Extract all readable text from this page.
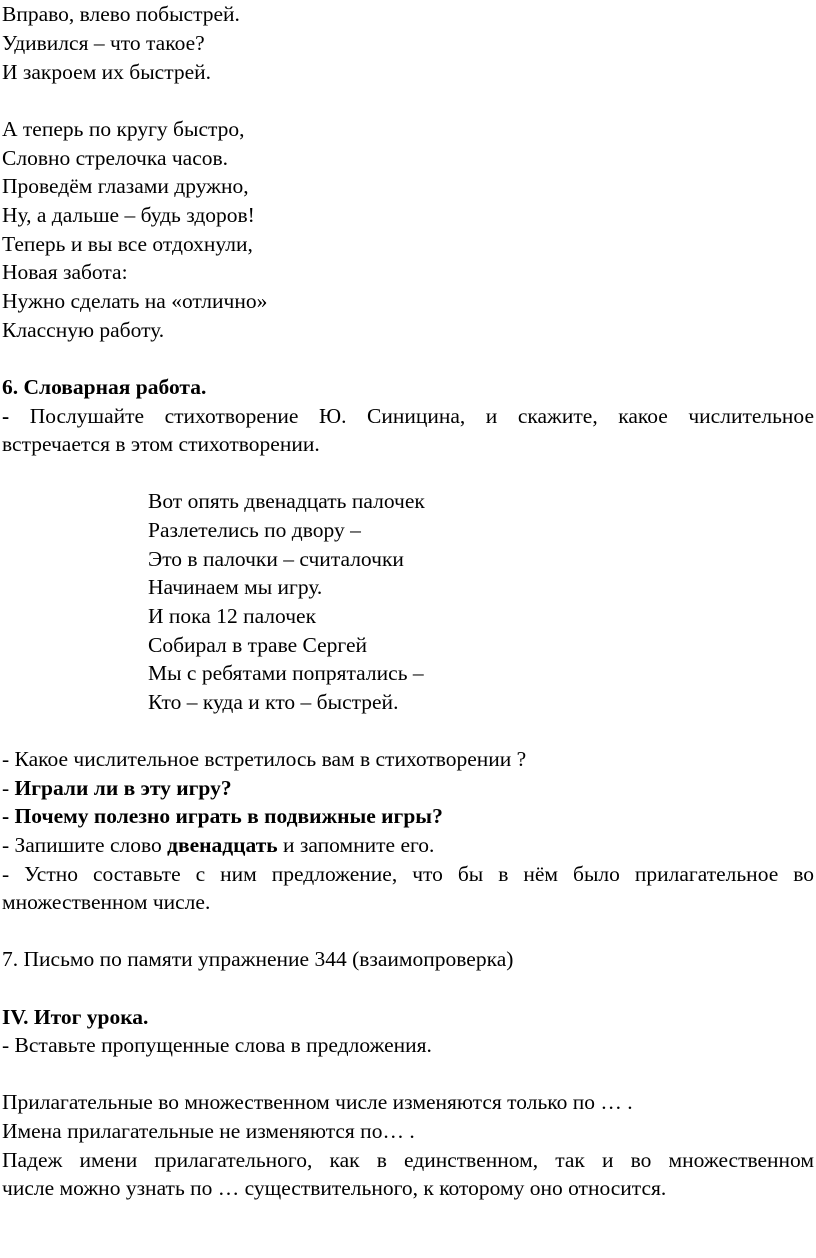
Вправо, влево побыстрей.
Удивился – что такое?
И закроем их быстрей.
А теперь по кругу быстро,
Словно стрелочка часов.
Проведём глазами дружно,
Ну, а дальше – будь здоров!
Теперь и вы все отдохнули,
Новая забота:
Нужно сделать на «отлично»
Классную работу.
6. Словарная работа.
- Послушайте стихотворение Ю. Синицина, и скажите, какое числительное
встречается в этом стихотворении.
Вот опять двенадцать палочек
Разлетелись по двору –
Это в палочки – считалочки
Начинаем мы игру.
И пока 12 палочек
Собирал в траве Сергей
Мы с ребятами попрятались –
Кто – куда и кто – быстрей.
- Какое числительное встретилось вам в стихотворении ?
- Играли ли в эту игру?
- Почему полезно играть в подвижные игры?
- Запишите слово двенадцать и запомните его.
- Устно составьте с ним предложение, что бы в нём было прилагательное во
множественном числе.
7. Письмо по памяти упражнение 344 (взаимопроверка)
IV. Итог урока.
- Вставьте пропущенные слова в предложения.
Прилагательные во множественном числе изменяются только по … .
Имена прилагательные не изменяются по… .
Падеж имени прилагательного, как в единственном, так и во множественном
числе можно узнать по … существительного, к которому оно относится.
